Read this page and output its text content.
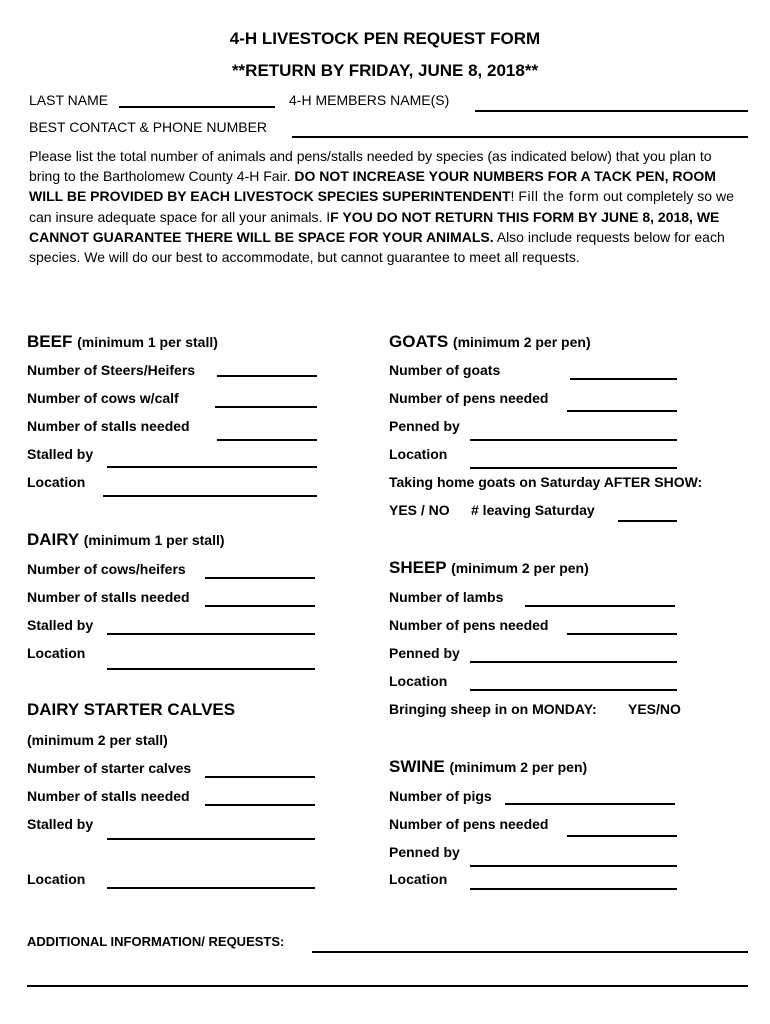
4-H LIVESTOCK PEN REQUEST FORM
**RETURN BY FRIDAY, JUNE 8, 2018**
LAST NAME	4-H MEMBERS NAME(S)
BEST CONTACT & PHONE NUMBER
Please list the total number of animals and pens/stalls needed by species (as indicated below) that you plan to bring to the Bartholomew County 4-H Fair. DO NOT INCREASE YOUR NUMBERS FOR A TACK PEN, ROOM WILL BE PROVIDED BY EACH LIVESTOCK SPECIES SUPERINTENDENT! Fill the form out completely so we can insure adequate space for all your animals. IF YOU DO NOT RETURN THIS FORM BY JUNE 8, 2018, WE CANNOT GUARANTEE THERE WILL BE SPACE FOR YOUR ANIMALS. Also include requests below for each species. We will do our best to accommodate, but cannot guarantee to meet all requests.
BEEF (minimum 1 per stall)
Number of Steers/Heifers
Number of cows w/calf
Number of stalls needed
Stalled by
Location
DAIRY (minimum 1 per stall)
Number of cows/heifers
Number of stalls needed
Stalled by
Location
DAIRY STARTER CALVES
(minimum 2 per stall)
Number of starter calves
Number of stalls needed
Stalled by
Location
GOATS (minimum 2 per pen)
Number of goats
Number of pens needed
Penned by
Location
Taking home goats on Saturday AFTER SHOW:
YES / NO # leaving Saturday
SHEEP (minimum 2 per pen)
Number of lambs
Number of pens needed
Penned by
Location
Bringing sheep in on MONDAY: YES/NO
SWINE (minimum 2 per pen)
Number of pigs
Number of pens needed
Penned by
Location
ADDITIONAL INFORMATION/ REQUESTS:
